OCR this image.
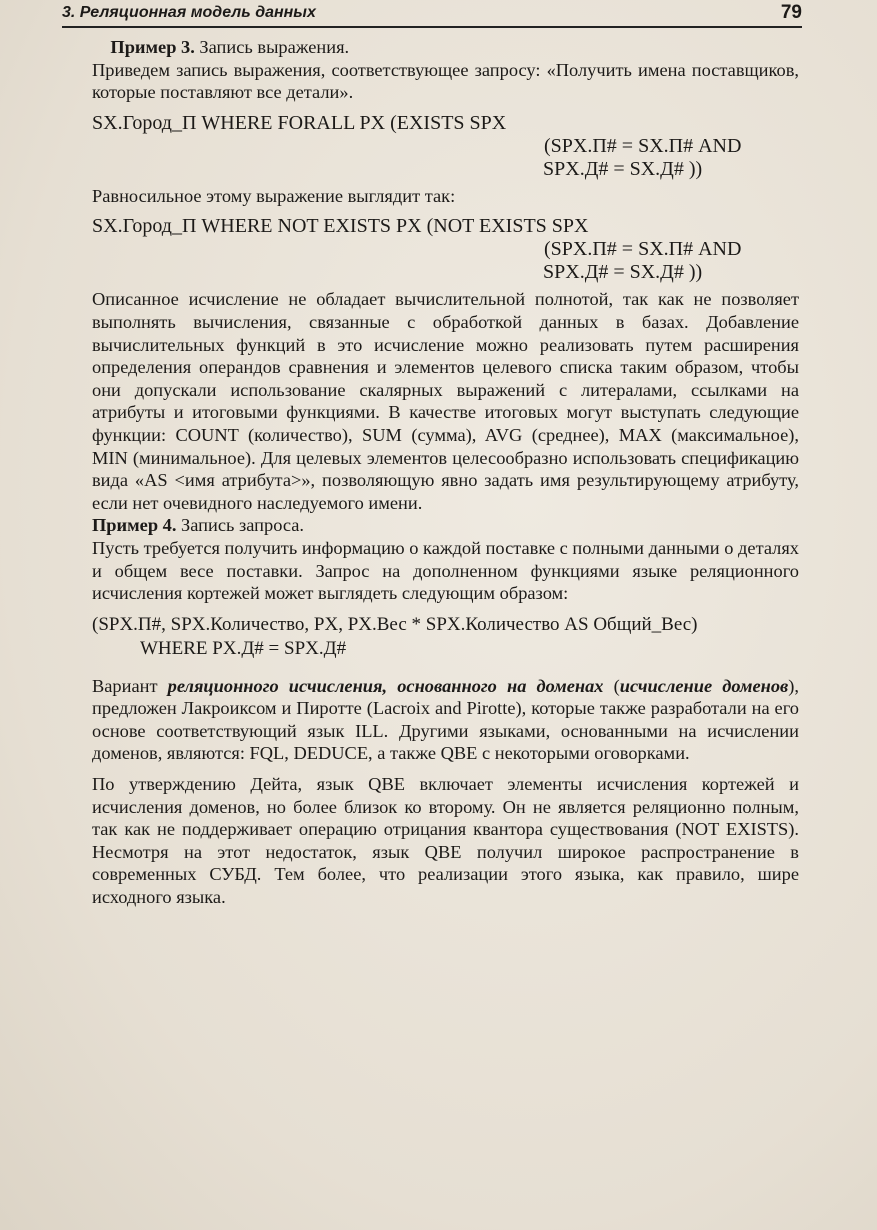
3. Реляционная модель данных	79

Пример 3. Запись выражения.

Приведем запись выражения, соответствующее запросу: «Получить имена поставщиков, которые поставляют все детали».

SX.Город_П WHERE FORALL PX (EXISTS SPX
(SPX.П# = SX.П# AND
SPX.Д# = SX.Д# ))

Равносильное этому выражение выглядит так:

SX.Город_П WHERE NOT EXISTS PX (NOT EXISTS SPX
(SPX.П# = SX.П# AND
SPX.Д# = SX.Д# ))

Описанное исчисление не обладает вычислительной полнотой, так как не позволяет выполнять вычисления, связанные с обработкой данных в базах. Добавление вычислительных функций в это исчисление можно реализовать путем расширения определения операндов сравнения и элементов целевого списка таким образом, чтобы они допускали использование скалярных выражений с литералами, ссылками на атрибуты и итоговыми функциями. В качестве итоговых могут выступать следующие функции: COUNT (количество), SUM (сумма), AVG (среднее), MAX (максимальное), MIN (минимальное). Для целевых элементов целесообразно использовать спецификацию вида «AS <имя атрибута>», позволяющую явно задать имя результирующему атрибуту, если нет очевидного наследуемого имени.

Пример 4. Запись запроса.

Пусть требуется получить информацию о каждой поставке с полными данными о деталях и общем весе поставки. Запрос на дополненном функциями языке реляционного исчисления кортежей может выглядеть следующим образом:

(SPX.П#, SPX.Количество, PX, PX.Вес * SPX.Количество AS Общий_Вес)
WHERE PX.Д# = SPX.Д#

Вариант реляционного исчисления, основанного на доменах (исчисление доменов), предложен Лакроиксом и Пиротте (Lacroix and Pirotte), которые также разработали на его основе соответствующий язык ILL. Другими языками, основанными на исчислении доменов, являются: FQL, DEDUCE, а также QBE с некоторыми оговорками.

По утверждению Дейта, язык QBE включает элементы исчисления кортежей и исчисления доменов, но более близок ко второму. Он не является реляционно полным, так как не поддерживает операцию отрицания квантора существования (NOT EXISTS). Несмотря на этот недостаток, язык QBE получил широкое распространение в современных СУБД. Тем более, что реализации этого языка, как правило, шире исходного языка.
